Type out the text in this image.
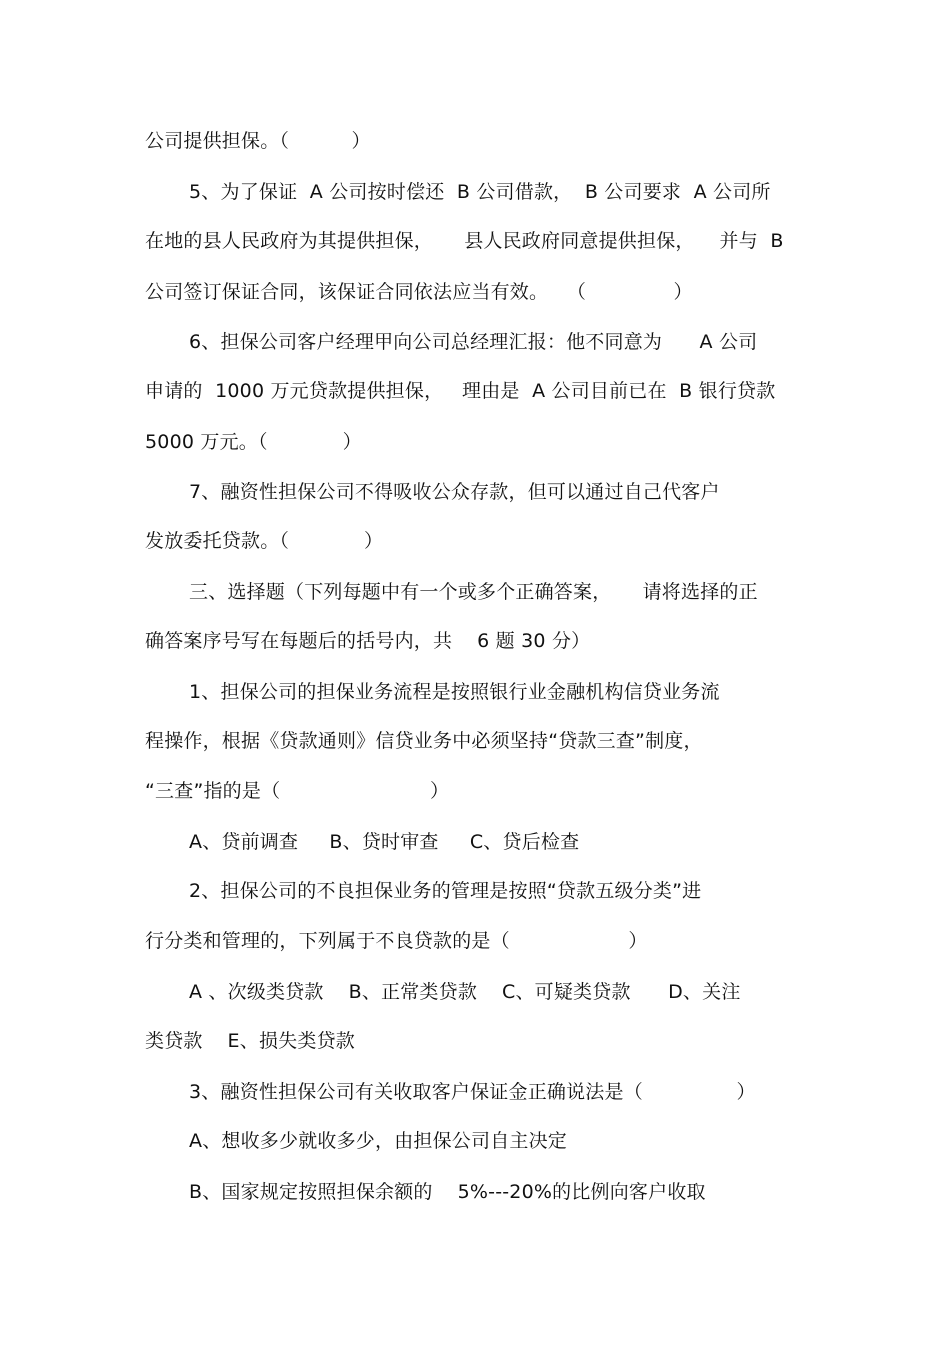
公司提供担保。（          ）
5、为了保证  A 公司按时偿还  B 公司借款，  B 公司要求  A 公司所
在地的县人民政府为其提供担保，     县人民政府同意提供担保，    并与  B
公司签订保证合同，该保证合同依法应当有效。   （              ）
6、担保公司客户经理甲向公司总经理汇报：他不同意为      A 公司
申请的  1000 万元贷款提供担保，   理由是  A 公司目前已在  B 银行贷款
5000 万元。（            ）
7、融资性担保公司不得吸收公众存款，但可以通过自己代客户
发放委托贷款。（            ）
三、选择题（下列每题中有一个或多个正确答案，     请将选择的正
确答案序号写在每题后的括号内，共    6 题 30 分）
1、担保公司的担保业务流程是按照银行业金融机构信贷业务流
程操作，根据《贷款通则》信贷业务中必须坚持“贷款三查”制度，
“三查”指的是（                        ）
A、贷前调查     B、贷时审查     C、贷后检查
2、担保公司的不良担保业务的管理是按照“贷款五级分类”进
行分类和管理的，下列属于不良贷款的是（                   ）
A 、次级类贷款    B、正常类贷款    C、可疑类贷款      D、关注
类贷款    E、损失类贷款
3、融资性担保公司有关收取客户保证金正确说法是（               ）
A、想收多少就收多少，由担保公司自主决定
B、国家规定按照担保余额的    5%---20%的比例向客户收取
